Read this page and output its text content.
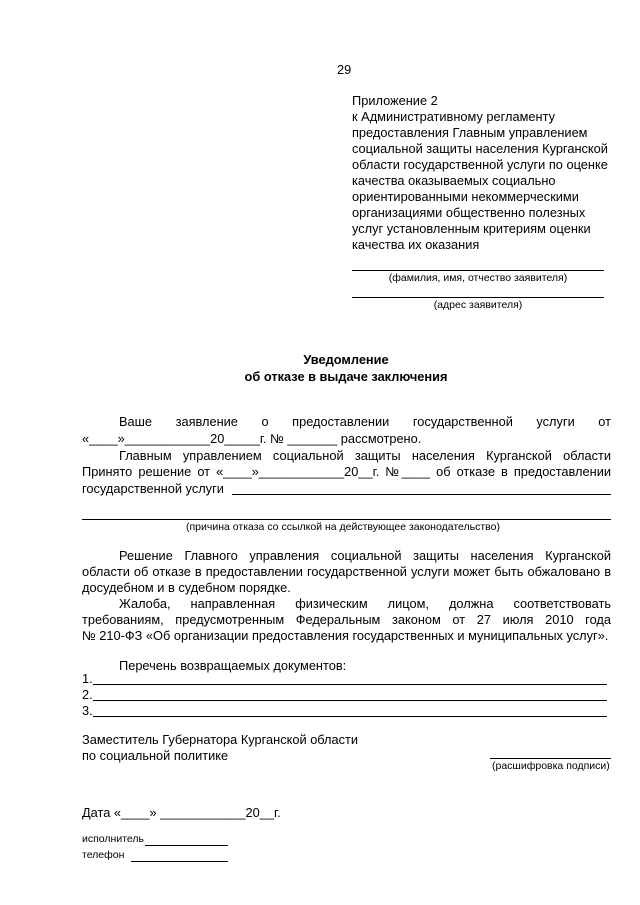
29
Приложение 2
к Административному регламенту
предоставления Главным управлением
социальной защиты населения Курганской
области государственной услуги по оценке
качества оказываемых социально
ориентированными некоммерческими
организациями общественно полезных
услуг установленным критериям оценки
качества их оказания
(фамилия, имя, отчество заявителя)
(адрес заявителя)
Уведомление
об отказе в выдаче заключения
Ваше заявление о предоставлении государственной услуги от
«____»____________20_____г. № _______ рассмотрено.
Главным управлением социальной защиты населения Курганской области
Принято решение от «____»____________20__г. №____ об отказе в предоставлении
государственной услуги
(причина отказа со ссылкой на действующее законодательство)
Решение Главного управления социальной защиты населения Курганской
области об отказе в предоставлении государственной услуги может быть обжаловано в
досудебном и в судебном порядке.
Жалоба, направленная физическим лицом, должна соответствовать
требованиям, предусмотренным Федеральным законом от 27 июля 2010 года
№ 210-ФЗ «Об организации предоставления государственных и муниципальных услуг».
Перечень возвращаемых документов:
1.
2.
3.
Заместитель Губернатора Курганской области
по социальной политике
(расшифровка подписи)
Дата «____» ____________20__г.
исполнитель
телефон
